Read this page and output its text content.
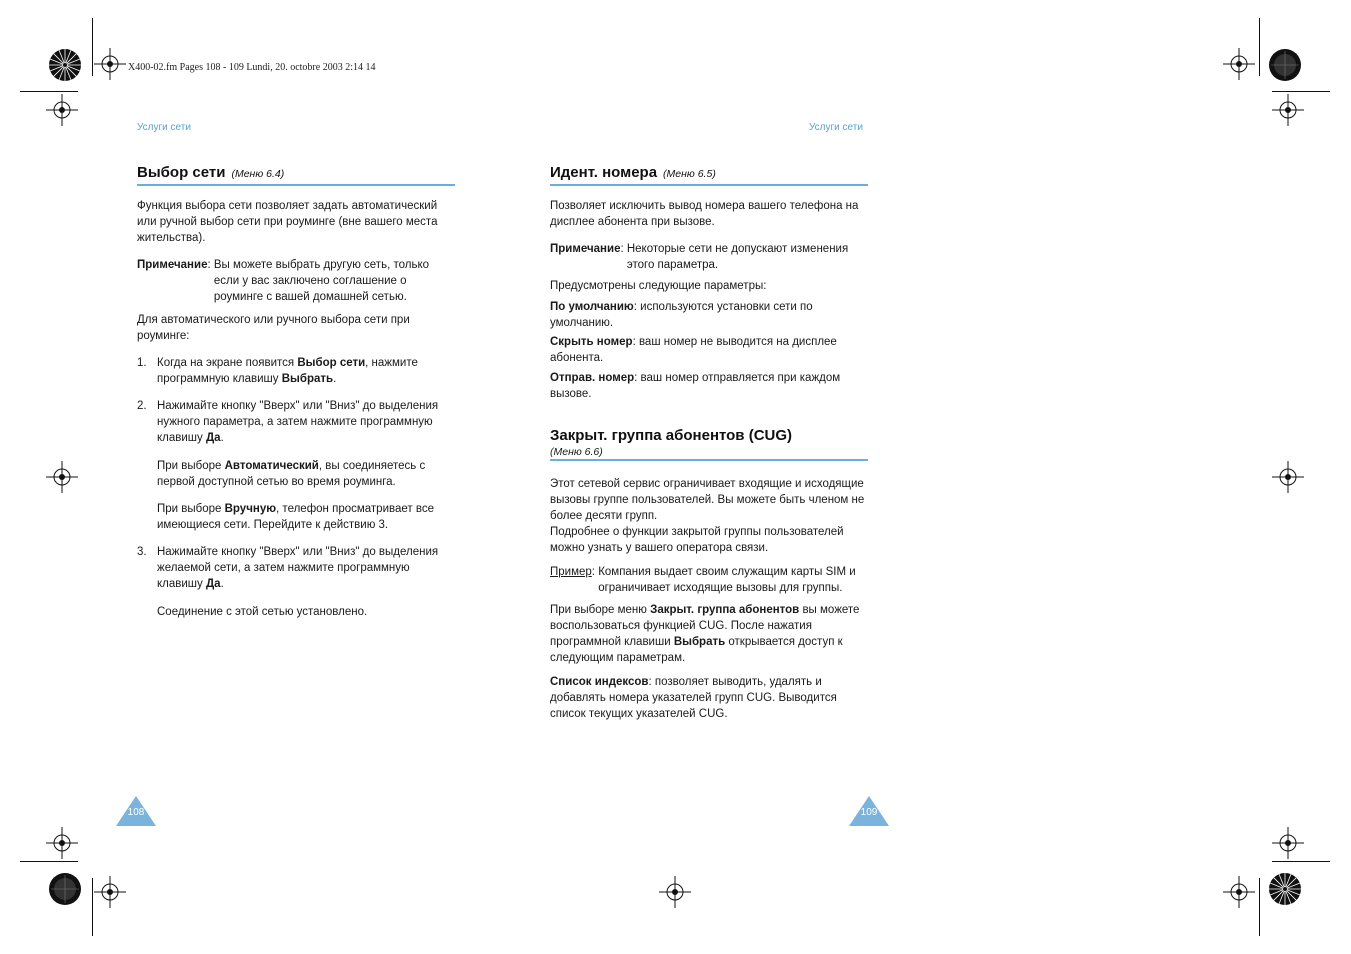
X400-02.fm Pages 108 - 109 Lundi, 20. octobre 2003 2:14 14
Услуги сети	Услуги сети
Выбор сети (Меню 6.4)

Функция выбора сети позволяет задать автоматический или ручной выбор сети при роуминге (вне вашего места жительства).

Примечание: Вы можете выбрать другую сеть, только если у вас заключено соглашение о роуминге с вашей домашней сетью.

Для автоматического или ручного выбора сети при роуминге:

1. Когда на экране появится Выбор сети, нажмите программную клавишу Выбрать.
2. Нажимайте кнопку "Вверх" или "Вниз" до выделения нужного параметра, а затем нажмите программную клавишу Да.

При выборе Автоматический, вы соединяетесь с первой доступной сетью во время роуминга.

При выборе Вручную, телефон просматривает все имеющиеся сети. Перейдите к действию 3.

3. Нажимайте кнопку "Вверх" или "Вниз" до выделения желаемой сети, а затем нажмите программную клавишу Да.

Соединение с этой сетью установлено.

Идент. номера (Меню 6.5)

Позволяет исключить вывод номера вашего телефона на дисплее абонента при вызове.

Примечание: Некоторые сети не допускают изменения этого параметра.

Предусмотрены следующие параметры:

По умолчанию: используются установки сети по умолчанию.

Скрыть номер: ваш номер не выводится на дисплее абонента.

Отправ. номер: ваш номер отправляется при каждом вызове.

Закрыт. группа абонентов (CUG)
(Меню 6.6)

Этот сетевой сервис ограничивает входящие и исходящие вызовы группе пользователей. Вы можете быть членом не более десяти групп.

Подробнее о функции закрытой группы пользователей можно узнать у вашего оператора связи.

Пример: Компания выдает своим служащим карты SIM и ограничивает исходящие вызовы для группы.

При выборе меню Закрыт. группа абонентов вы можете воспользоваться функцией CUG. После нажатия программной клавиши Выбрать открывается доступ к следующим параметрам.

Список индексов: позволяет выводить, удалять и добавлять номера указателей групп CUG. Выводится список текущих указателей CUG.

108	109
